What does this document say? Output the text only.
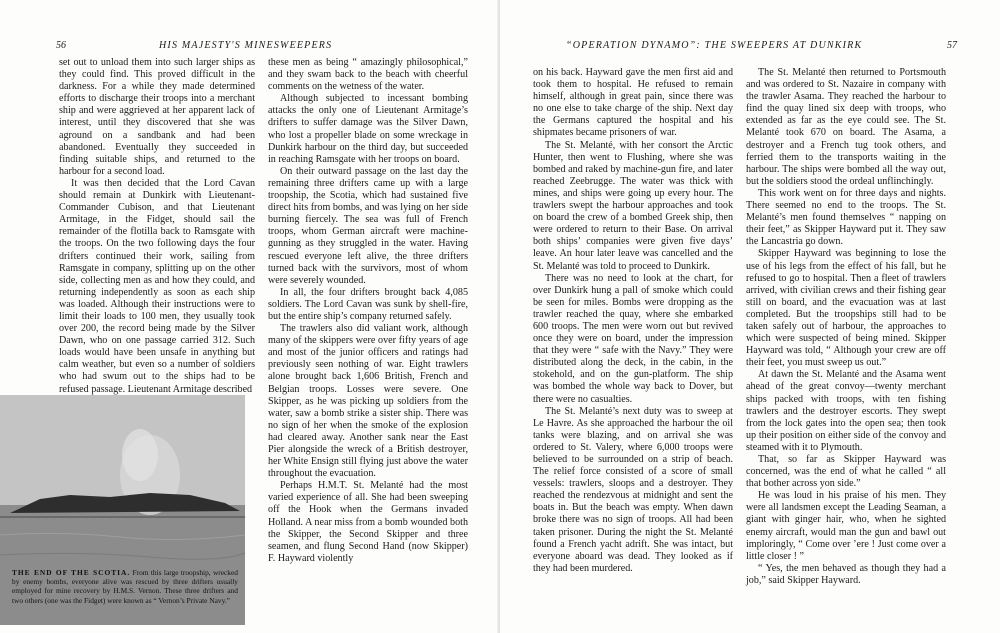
56	HIS MAJESTY'S MINESWEEPERS

set out to unload them into such larger ships as they could find. This proved difficult in the darkness. For a while they made determined efforts to discharge their troops into a merchant ship and were aggrieved at her apparent lack of interest, until they discovered that she was aground on a sandbank and had been abandoned. Eventually they succeeded in finding suitable ships, and returned to the harbour for a second load.

It was then decided that the Lord Cavan should remain at Dunkirk with Lieutenant-Commander Cubison, and that Lieutenant Armitage, in the Fidget, should sail the remainder of the flotilla back to Ramsgate with the troops. On the two following days the four drifters continued their work, sailing from Ramsgate in company, splitting up on the other side, collecting men as and how they could, and returning independently as soon as each ship was loaded. Although their instructions were to limit their loads to 100 men, they usually took over 200, the record being made by the Silver Dawn, who on one passage carried 312. Such loads would have been unsafe in anything but calm weather, but even so a number of soldiers who had swum out to the ships had to be refused passage. Lieutenant Armitage described

these men as being “ amazingly philosophical,” and they swam back to the beach with cheerful comments on the wetness of the water.

Although subjected to incessant bombing attacks the only one of Lieutenant Armitage’s drifters to suffer damage was the Silver Dawn, who lost a propeller blade on some wreckage in Dunkirk harbour on the third day, but succeeded in reaching Ramsgate with her troops on board.

On their outward passage on the last day the remaining three drifters came up with a large troopship, the Scotia, which had sustained five direct hits from bombs, and was lying on her side burning fiercely. The sea was full of French troops, whom German aircraft were machine-gunning as they struggled in the water. Having rescued everyone left alive, the three drifters turned back with the survivors, most of whom were severely wounded.

In all, the four drifters brought back 4,085 soldiers. The Lord Cavan was sunk by shell-fire, but the entire ship’s company returned safely.

The trawlers also did valiant work, although many of the skippers were over fifty years of age and most of the junior officers and ratings had previously seen nothing of war. Eight trawlers alone brought back 1,606 British, French and Belgian troops. Losses were severe. One Skipper, as he was picking up soldiers from the water, saw a bomb strike a sister ship. There was no sign of her when the smoke of the explosion had cleared away. Another sank near the East Pier alongside the wreck of a British destroyer, her White Ensign still flying just above the water throughout the evacuation.

Perhaps H.M.T. St. Melanté had the most varied experience of all. She had been sweeping off the Hook when the Germans invaded Holland. A near miss from a bomb wounded both the Skipper, the Second Skipper and three seamen, and flung Second Hand (now Skipper) F. Hayward violently

THE END OF THE SCOTIA. From this large troopship, wrecked by enemy bombs, everyone alive was rescued by three drifters usually employed for mine recovery by H.M.S. Vernon. These three drifters and two others (one was the Fidget) were known as “ Vernon’s Private Navy.”
“OPERATION DYNAMO”: THE SWEEPERS AT DUNKIRK	57

on his back. Hayward gave the men first aid and took them to hospital. He refused to remain himself, although in great pain, since there was no one else to take charge of the ship. Next day the Germans captured the hospital and his shipmates became prisoners of war.

The St. Melanté, with her consort the Arctic Hunter, then went to Flushing, where she was bombed and raked by machine-gun fire, and later reached Zeebrugge. The water was thick with mines, and ships were going up every hour. The trawlers swept the harbour approaches and took on board the crew of a bombed Greek ship, then were ordered to return to their Base. On arrival both ships’ companies were given five days’ leave. An hour later leave was cancelled and the St. Melanté was told to proceed to Dunkirk.

There was no need to look at the chart, for over Dunkirk hung a pall of smoke which could be seen for miles. Bombs were dropping as the trawler reached the quay, where she embarked 600 troops. The men were worn out but revived once they were on board, under the impression that they were “ safe with the Navy.” They were distributed along the deck, in the cabin, in the stokehold, and on the gun-platform. The ship was bombed the whole way back to Dover, but there were no casualties.

The St. Melanté’s next duty was to sweep at Le Havre. As she approached the harbour the oil tanks were blazing, and on arrival she was ordered to St. Valery, where 6,000 troops were believed to be surrounded on a strip of beach. The relief force consisted of a score of small vessels: trawlers, sloops and a destroyer. They reached the rendezvous at midnight and sent the boats in. But the beach was empty. When dawn broke there was no sign of troops. All had been taken prisoner. During the night the St. Melanté found a French yacht adrift. She was intact, but everyone aboard was dead. They looked as if they had been murdered.

The St. Melanté then returned to Portsmouth and was ordered to St. Nazaire in company with the trawler Asama. They reached the harbour to find the quay lined six deep with troops, who extended as far as the eye could see. The St. Melanté took 670 on board. The Asama, a destroyer and a French tug took others, and ferried them to the transports waiting in the harbour. The ships were bombed all the way out, but the soldiers stood the ordeal unflinchingly.

This work went on for three days and nights. There seemed no end to the troops. The St. Melanté’s men found themselves “ napping on their feet,” as Skipper Hayward put it. They saw the Lancastria go down.

Skipper Hayward was beginning to lose the use of his legs from the effect of his fall, but he refused to go to hospital. Then a fleet of trawlers arrived, with civilian crews and their fishing gear still on board, and the evacuation was at last completed. But the troopships still had to be taken safely out of harbour, the approaches to which were suspected of being mined. Skipper Hayward was told, “ Although your crew are off their feet, you must sweep us out.”

At dawn the St. Melanté and the Asama went ahead of the great convoy—twenty merchant ships packed with troops, with ten fishing trawlers and the destroyer escorts. They swept from the lock gates into the open sea; then took up their position on either side of the convoy and steamed with it to Plymouth.

That, so far as Skipper Hayward was concerned, was the end of what he called “ all that bother across yon side.”

He was loud in his praise of his men. They were all landsmen except the Leading Seaman, a giant with ginger hair, who, when he sighted enemy aircraft, would man the gun and bawl out imploringly, “ Come over ’ere ! Just come over a little closer ! ”

“ Yes, the men behaved as though they had a job,” said Skipper Hayward.
